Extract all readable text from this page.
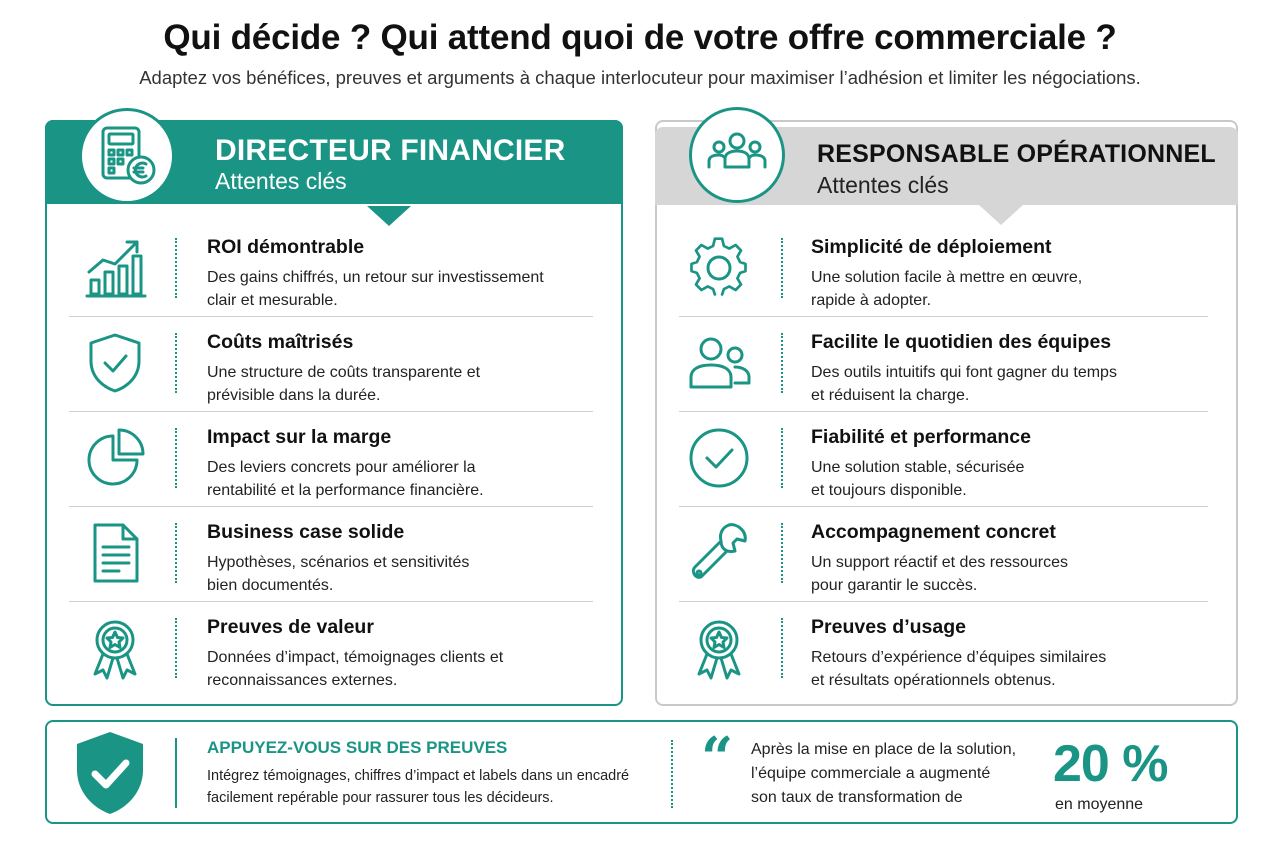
Qui décide ? Qui attend quoi de votre offre commerciale ?
Adaptez vos bénéfices, preuves et arguments à chaque interlocuteur pour maximiser l’adhésion et limiter les négociations.
DIRECTEUR FINANCIER
Attentes clés
ROI démontrable
Des gains chiffrés, un retour sur investissement
clair et mesurable.
Coûts maîtrisés
Une structure de coûts transparente et
prévisible dans la durée.
Impact sur la marge
Des leviers concrets pour améliorer la
rentabilité et la performance financière.
Business case solide
Hypothèses, scénarios et sensitivités
bien documentés.
Preuves de valeur
Données d’impact, témoignages clients et
reconnaissances externes.
RESPONSABLE OPÉRATIONNEL
Attentes clés
Simplicité de déploiement
Une solution facile à mettre en œuvre,
rapide à adopter.
Facilite le quotidien des équipes
Des outils intuitifs qui font gagner du temps
et réduisent la charge.
Fiabilité et performance
Une solution stable, sécurisée
et toujours disponible.
Accompagnement concret
Un support réactif et des ressources
pour garantir le succès.
Preuves d’usage
Retours d’expérience d’équipes similaires
et résultats opérationnels obtenus.
APPUYEZ-VOUS SUR DES PREUVES
Intégrez témoignages, chiffres d’impact et labels dans un encadré
facilement repérable pour rassurer tous les décideurs.
“ Après la mise en place de la solution,
l’équipe commerciale a augmenté
son taux de transformation de
20 %
en moyenne
